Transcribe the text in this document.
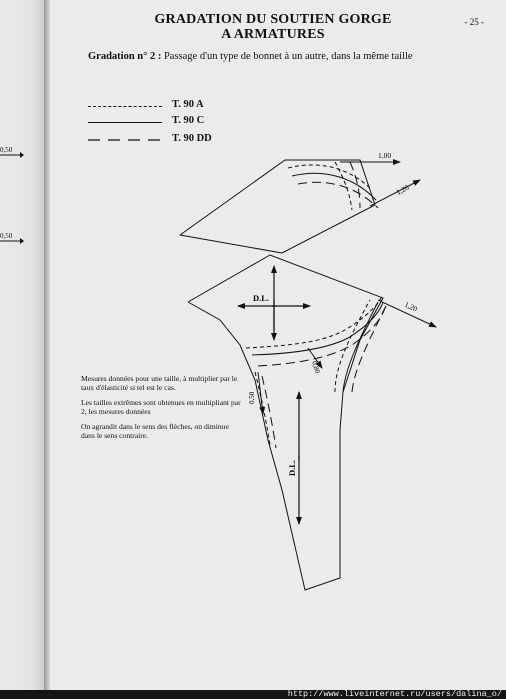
0,50
0,50
- 25 -
GRADATION DU SOUTIEN GORGE
A ARMATURES
Gradation n° 2 : Passage d'un type de bonnet à un autre, dans la même taille
T. 90 A
T. 90 C
T. 90 DD
1,00
1,20
D.L.
1,20
0,80
0,50
D.L.

Mesures données pour une taille, à multiplier par le taux d'élasticité si tel est le cas.

Les tailles extrêmes sont obtenues en multipliant par 2, les mesures données

On agrandit dans le sens des flèches, on diminue dans le sens contraire.

http://www.liveinternet.ru/users/dalina_o/
